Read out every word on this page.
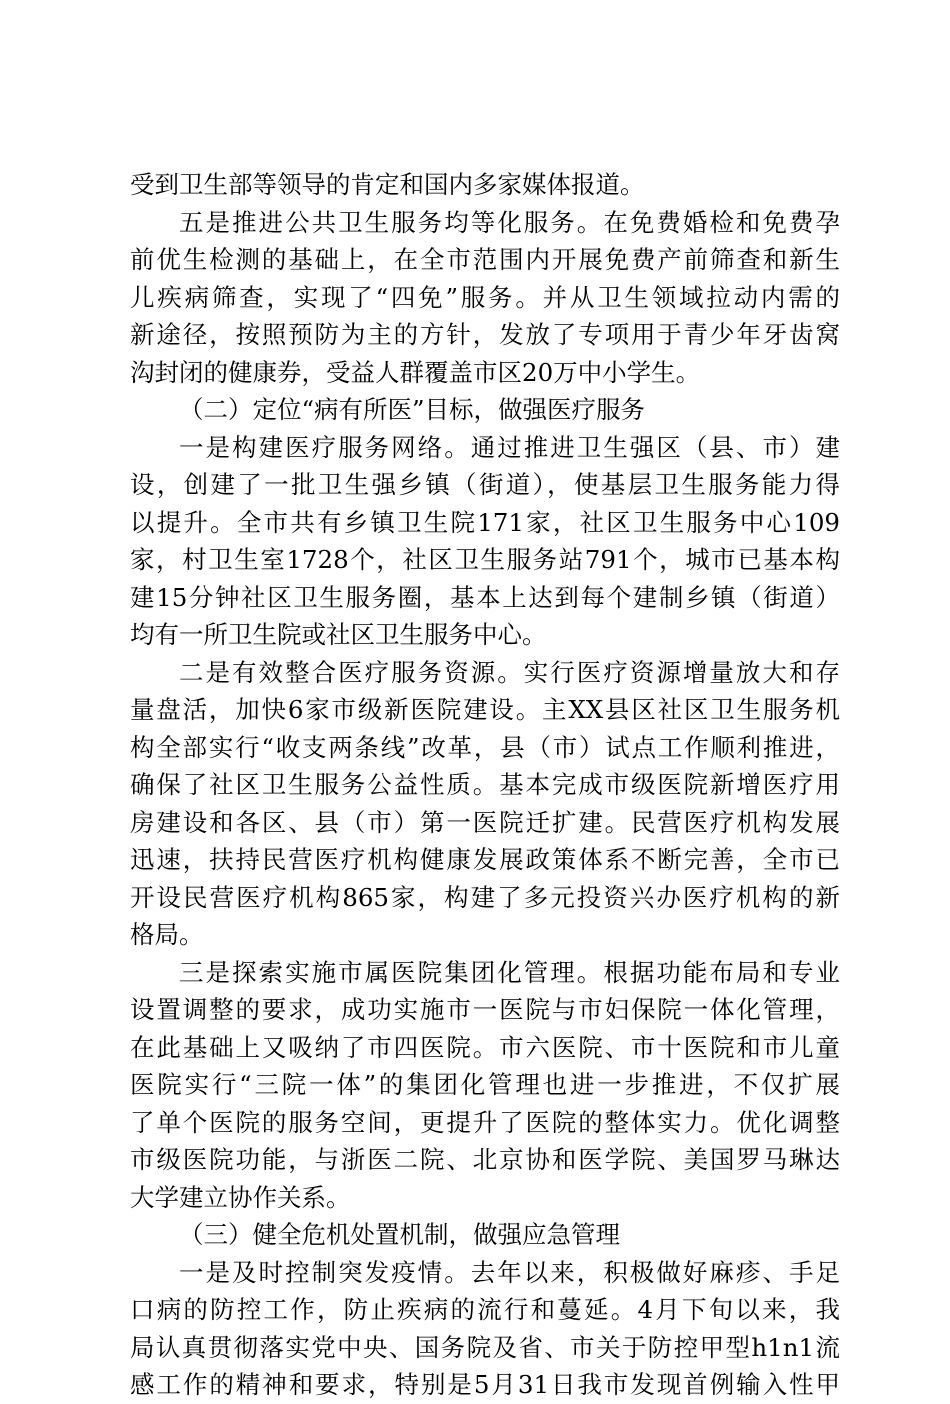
受到卫生部等领导的肯定和国内多家媒体报道。
五是推进公共卫生服务均等化服务。在免费婚检和免费孕
前优生检测的基础上，在全市范围内开展免费产前筛查和新生
儿疾病筛查，实现了“四免”服务。并从卫生领域拉动内需的
新途径，按照预防为主的方针，发放了专项用于青少年牙齿窝
沟封闭的健康券，受益人群覆盖市区20万中小学生。
（二）定位“病有所医”目标，做强医疗服务
一是构建医疗服务网络。通过推进卫生强区（县、市）建
设，创建了一批卫生强乡镇（街道），使基层卫生服务能力得
以提升。全市共有乡镇卫生院171家，社区卫生服务中心109
家，村卫生室1728个，社区卫生服务站791个，城市已基本构
建15分钟社区卫生服务圈，基本上达到每个建制乡镇（街道）
均有一所卫生院或社区卫生服务中心。
二是有效整合医疗服务资源。实行医疗资源增量放大和存
量盘活，加快6家市级新医院建设。主XX县区社区卫生服务机
构全部实行“收支两条线”改革，县（市）试点工作顺利推进，
确保了社区卫生服务公益性质。基本完成市级医院新增医疗用
房建设和各区、县（市）第一医院迁扩建。民营医疗机构发展
迅速，扶持民营医疗机构健康发展政策体系不断完善，全市已
开设民营医疗机构865家，构建了多元投资兴办医疗机构的新
格局。
三是探索实施市属医院集团化管理。根据功能布局和专业
设置调整的要求，成功实施市一医院与市妇保院一体化管理，
在此基础上又吸纳了市四医院。市六医院、市十医院和市儿童
医院实行“三院一体”的集团化管理也进一步推进，不仅扩展
了单个医院的服务空间，更提升了医院的整体实力。优化调整
市级医院功能，与浙医二院、北京协和医学院、美国罗马琳达
大学建立协作关系。
（三）健全危机处置机制，做强应急管理
一是及时控制突发疫情。去年以来，积极做好麻疹、手足
口病的防控工作，防止疾病的流行和蔓延。4月下旬以来，我
局认真贯彻落实党中央、国务院及省、市关于防控甲型h1n1流
感工作的精神和要求，特别是5月31日我市发现首例输入性甲
